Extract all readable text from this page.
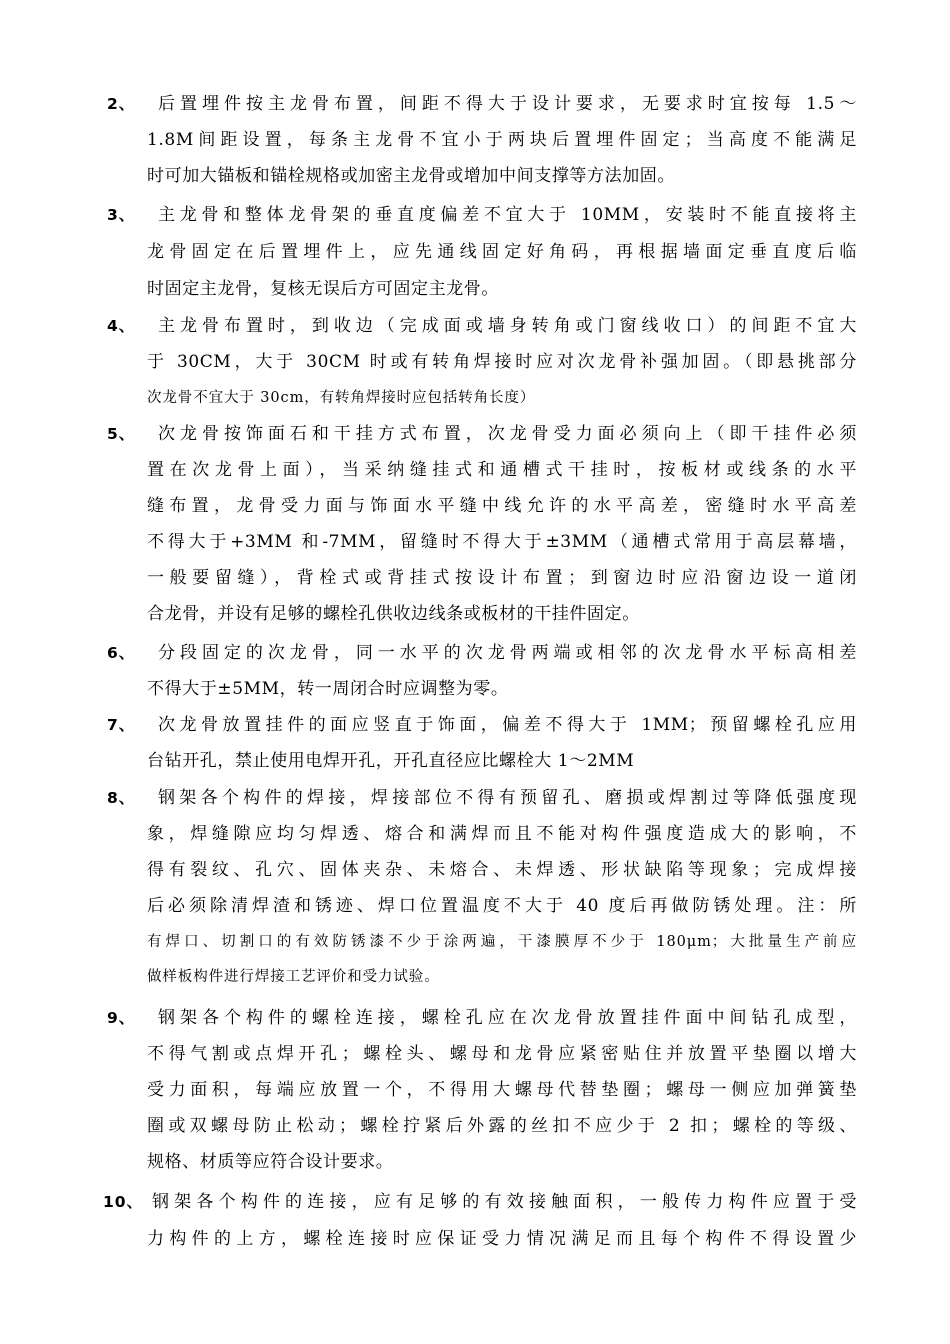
2、 后置埋件按主龙骨布置，间距不得大于设计要求，无要求时宜按每 1.5～
1.8M间距设置，每条主龙骨不宜小于两块后置埋件固定；当高度不能满足
时可加大锚板和锚栓规格或加密主龙骨或增加中间支撑等方法加固。
3、 主龙骨和整体龙骨架的垂直度偏差不宜大于 10MM，安装时不能直接将主
龙骨固定在后置埋件上，应先通线固定好角码，再根据墙面定垂直度后临
时固定主龙骨，复核无误后方可固定主龙骨。
4、 主龙骨布置时，到收边（完成面或墙身转角或门窗线收口）的间距不宜大
于 30CM，大于 30CM 时或有转角焊接时应对次龙骨补强加固。（即悬挑部分
次龙骨不宜大于 30cm，有转角焊接时应包括转角长度）
5、 次龙骨按饰面石和干挂方式布置，次龙骨受力面必须向上（即干挂件必须
置在次龙骨上面），当采纳缝挂式和通槽式干挂时，按板材或线条的水平
缝布置，龙骨受力面与饰面水平缝中线允许的水平高差，密缝时水平高差
不得大于+3MM 和-7MM，留缝时不得大于±3MM（通槽式常用于高层幕墙，
一般要留缝），背栓式或背挂式按设计布置；到窗边时应沿窗边设一道闭
合龙骨，并设有足够的螺栓孔供收边线条或板材的干挂件固定。
6、 分段固定的次龙骨，同一水平的次龙骨两端或相邻的次龙骨水平标高相差
不得大于±5MM，转一周闭合时应调整为零。
7、 次龙骨放置挂件的面应竖直于饰面，偏差不得大于 1MM；预留螺栓孔应用
台钻开孔，禁止使用电焊开孔，开孔直径应比螺栓大 1～2MM
8、 钢架各个构件的焊接，焊接部位不得有预留孔、磨损或焊割过等降低强度现
象，焊缝隙应均匀焊透、熔合和满焊而且不能对构件强度造成大的影响，不
得有裂纹、孔穴、固体夹杂、未熔合、未焊透、形状缺陷等现象；完成焊接
后必须除清焊渣和锈迹、焊口位置温度不大于 40 度后再做防锈处理。注：所
有焊口、切割口的有效防锈漆不少于涂两遍，干漆膜厚不少于 180μm；大批量生产前应
做样板构件进行焊接工艺评价和受力试验。
9、 钢架各个构件的螺栓连接，螺栓孔应在次龙骨放置挂件面中间钻孔成型，
不得气割或点焊开孔；螺栓头、螺母和龙骨应紧密贴住并放置平垫圈以增大
受力面积，每端应放置一个，不得用大螺母代替垫圈；螺母一侧应加弹簧垫
圈或双螺母防止松动；螺栓拧紧后外露的丝扣不应少于 2 扣；螺栓的等级、
规格、材质等应符合设计要求。
10、 钢架各个构件的连接，应有足够的有效接触面积，一般传力构件应置于受
力构件的上方，螺栓连接时应保证受力情况满足而且每个构件不得设置少
